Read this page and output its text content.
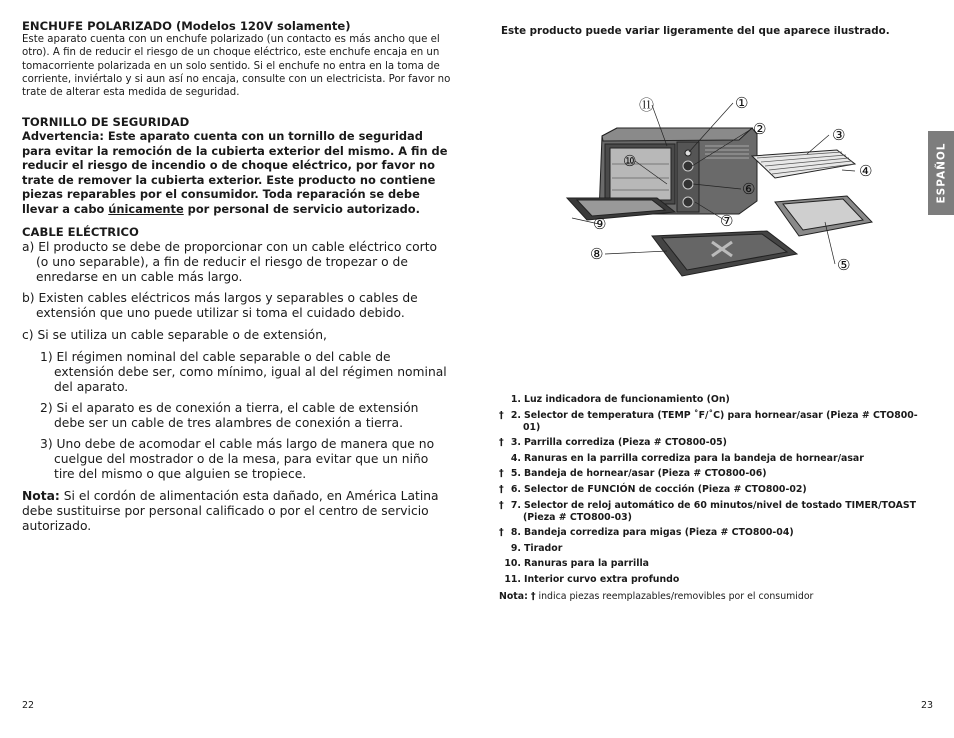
ENCHUFE POLARIZADO (Modelos 120V solamente)

Este aparato cuenta con un enchufe polarizado (un contacto es más ancho que el otro). A fin de reducir el riesgo de un choque eléctrico, este enchufe encaja en un tomacorriente polarizada en un solo sentido. Si el enchufe no entra en la toma de corriente, inviértalo y si aun así no encaja, consulte con un electricista. Por favor no trate de alterar esta medida de seguridad.

TORNILLO DE SEGURIDAD

Advertencia: Este aparato cuenta con un tornillo de seguridad para evitar la remoción de la cubierta exterior del mismo. A fin de reducir el riesgo de incendio o de choque eléctrico, por favor no trate de remover la cubierta exterior. Este producto no contiene piezas reparables por el consumidor. Toda reparación se debe llevar a cabo únicamente por personal de servicio autorizado.

CABLE ELÉCTRICO

a) El producto se debe de proporcionar con un cable eléctrico corto (o uno separable), a fin de reducir el riesgo de tropezar o de enredarse en un cable más largo.

b) Existen cables eléctricos más largos y separables o cables de extensión que uno puede utilizar si toma el cuidado debido.

c) Si se utiliza un cable separable o de extensión,

1) El régimen nominal del cable separable o del cable de extensión debe ser, como mínimo, igual al del régimen nominal del aparato.

2) Si el aparato es de conexión a tierra, el cable de extensión debe ser un cable de tres alambres de conexión a tierra.

3) Uno debe de acomodar el cable más largo de manera que no cuelgue del mostrador o de la mesa, para evitar que un niño tire del mismo o que alguien se tropiece.

Nota: Si el cordón de alimentación esta dañado, en América Latina debe sustituirse por personal calificado o por el centro de servicio autorizado.

22

Este producto puede variar ligeramente del que aparece ilustrado.

ESPAÑOL
⑪	①
②	③
⑩
④
⑥
⑨	⑦
⑧
⑤
1. Luz indicadora de funcionamiento (On)
† 2. Selector de temperatura (TEMP ˚F/˚C) para hornear/asar (Pieza # CTO800-01)
† 3. Parrilla corrediza (Pieza # CTO800-05)
4. Ranuras en la parrilla corrediza para la bandeja de hornear/asar
† 5. Bandeja de hornear/asar (Pieza # CTO800-06)
† 6. Selector de FUNCIÓN de cocción (Pieza # CTO800-02)
† 7. Selector de reloj automático de 60 minutos/nivel de tostado TIMER/TOAST (Pieza # CTO800-03)
† 8. Bandeja corrediza para migas (Pieza # CTO800-04)
9. Tirador
10. Ranuras para la parrilla
11. Interior curvo extra profundo

Nota: † indica piezas reemplazables/removibles por el consumidor

23
